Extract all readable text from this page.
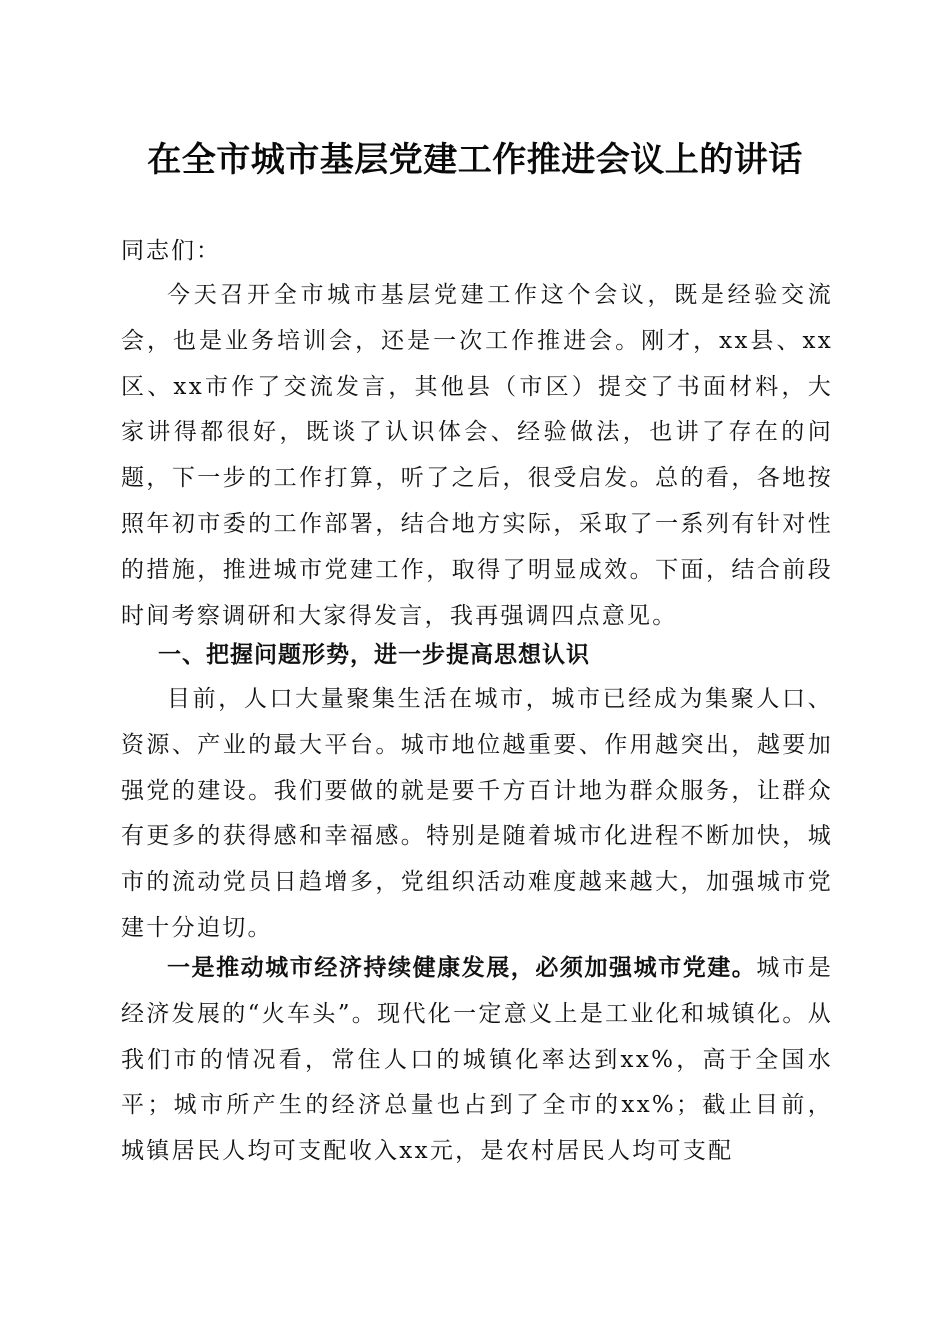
在全市城市基层党建工作推进会议上的讲话
同志们：

今天召开全市城市基层党建工作这个会议，既是经验交流会，也是业务培训会，还是一次工作推进会。刚才，xx县、xx区、xx市作了交流发言，其他县（市区）提交了书面材料，大家讲得都很好，既谈了认识体会、经验做法，也讲了存在的问题，下一步的工作打算，听了之后，很受启发。总的看，各地按照年初市委的工作部署，结合地方实际，采取了一系列有针对性的措施，推进城市党建工作，取得了明显成效。下面，结合前段时间考察调研和大家得发言，我再强调四点意见。

一、把握问题形势，进一步提高思想认识

目前，人口大量聚集生活在城市，城市已经成为集聚人口、资源、产业的最大平台。城市地位越重要、作用越突出，越要加强党的建设。我们要做的就是要千方百计地为群众服务，让群众有更多的获得感和幸福感。特别是随着城市化进程不断加快，城市的流动党员日趋增多，党组织活动难度越来越大，加强城市党建十分迫切。

一是推动城市经济持续健康发展，必须加强城市党建。城市是经济发展的“火车头”。现代化一定意义上是工业化和城镇化。从我们市的情况看，常住人口的城镇化率达到xx%，高于全国水平；城市所产生的经济总量也占到了全市的xx%；截止目前，城镇居民人均可支配收入xx元，是农村居民人均可支配
